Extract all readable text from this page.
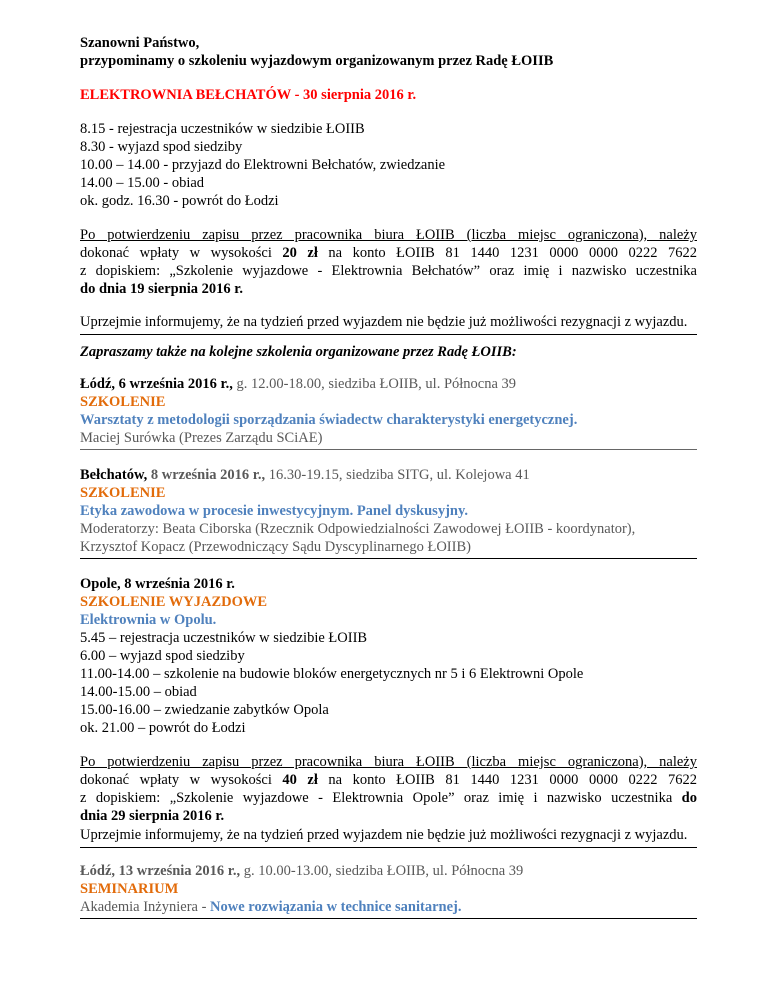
Szanowni Państwo,

przypominamy o szkoleniu wyjazdowym organizowanym przez Radę ŁOIIB

ELEKTROWNIA BEŁCHATÓW - 30 sierpnia 2016 r.

8.15 - rejestracja uczestników w siedzibie ŁOIIB

8.30 - wyjazd spod siedziby

10.00 – 14.00 - przyjazd do Elektrowni Bełchatów, zwiedzanie

14.00 – 15.00 - obiad

ok. godz. 16.30 - powrót do Łodzi

Po potwierdzeniu zapisu przez pracownika biura ŁOIIB (liczba miejsc ograniczona), należy
dokonać wpłaty w wysokości 20 zł na konto ŁOIIB 81 1440 1231 0000 0000 0222 7622
z dopiskiem: „Szkolenie wyjazdowe - Elektrownia Bełchatów” oraz imię i nazwisko uczestnika

do dnia 19 sierpnia 2016 r.

Uprzejmie informujemy, że na tydzień przed wyjazdem nie będzie już możliwości rezygnacji z wyjazdu.

Zapraszamy także na kolejne szkolenia organizowane przez Radę ŁOIIB:

Łódź, 6 września 2016 r., g. 12.00-18.00, siedziba ŁOIIB, ul. Północna 39

SZKOLENIE

Warsztaty z metodologii sporządzania świadectw charakterystyki energetycznej.

Maciej Surówka (Prezes Zarządu SCiAE)

Bełchatów, 8 września 2016 r., 16.30-19.15, siedziba SITG, ul. Kolejowa 41

SZKOLENIE

Etyka zawodowa w procesie inwestycyjnym. Panel dyskusyjny.

Moderatorzy: Beata Ciborska (Rzecznik Odpowiedzialności Zawodowej ŁOIIB - koordynator),

Krzysztof Kopacz (Przewodniczący Sądu Dyscyplinarnego ŁOIIB)

Opole, 8 września 2016 r.

SZKOLENIE WYJAZDOWE

Elektrownia w Opolu.

5.45 – rejestracja uczestników w siedzibie ŁOIIB

6.00 – wyjazd spod siedziby

11.00-14.00 – szkolenie na budowie bloków energetycznych nr 5 i 6 Elektrowni Opole

14.00-15.00 – obiad

15.00-16.00 – zwiedzanie zabytków Opola

ok. 21.00 – powrót do Łodzi

Po potwierdzeniu zapisu przez pracownika biura ŁOIIB (liczba miejsc ograniczona), należy
dokonać wpłaty w wysokości 40 zł na konto ŁOIIB 81 1440 1231 0000 0000 0222 7622
z dopiskiem: „Szkolenie wyjazdowe - Elektrownia Opole” oraz imię i nazwisko uczestnika do

dnia 29 sierpnia 2016 r.

Uprzejmie informujemy, że na tydzień przed wyjazdem nie będzie już możliwości rezygnacji z wyjazdu.

Łódź, 13 września 2016 r., g. 10.00-13.00, siedziba ŁOIIB, ul. Północna 39

SEMINARIUM

Akademia Inżyniera - Nowe rozwiązania w technice sanitarnej.
